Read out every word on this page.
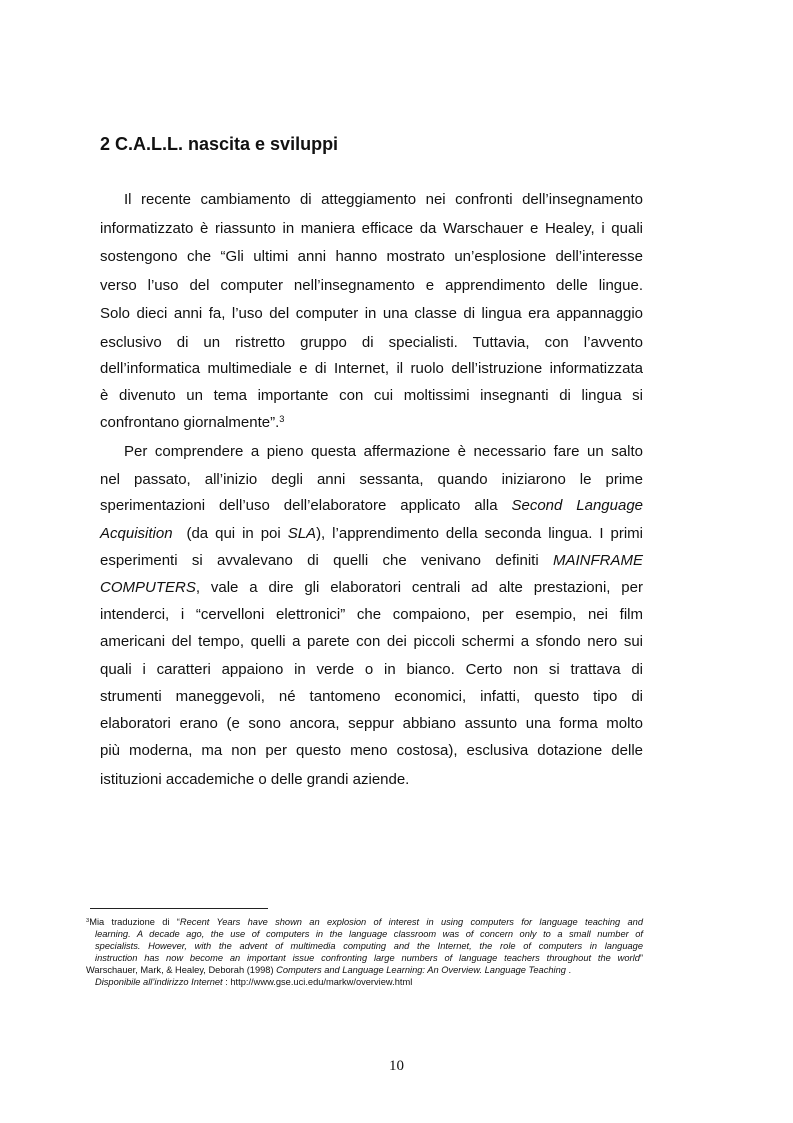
2 C.A.L.L. nascita e sviluppi
Il recente cambiamento di atteggiamento nei confronti dell’insegnamento
informatizzato è riassunto in maniera efficace da Warschauer e Healey, i quali
sostengono che “Gli ultimi anni hanno mostrato un’esplosione dell’interesse
verso l’uso del computer nell’insegnamento e apprendimento delle lingue.
Solo dieci anni fa, l’uso del computer in una classe di lingua era appannaggio
esclusivo di un ristretto gruppo di specialisti. Tuttavia, con l’avvento
dell’informatica multimediale e di Internet, il ruolo dell’istruzione informatizzata
è divenuto un tema importante con cui moltissimi insegnanti di lingua si
confrontano giornalmente”.$^3$
Per comprendere a pieno questa affermazione è necessario fare un salto
nel passato, all’inizio degli anni sessanta, quando iniziarono le prime
sperimentazioni dell’uso dell’elaboratore applicato alla Second Language
Acquisition  (da qui in poi SLA), l’apprendimento della seconda lingua. I primi
esperimenti si avvalevano di quelli che venivano definiti MAINFRAME
COMPUTERS, vale a dire gli elaboratori centrali ad alte prestazioni, per
intenderci, i “cervelloni elettronici” che compaiono, per esempio, nei film
americani del tempo, quelli a parete con dei piccoli schermi a sfondo nero sui
quali i caratteri appaiono in verde o in bianco. Certo non si trattava di
strumenti maneggevoli, né tantomeno economici, infatti, questo tipo di
elaboratori erano (e sono ancora, seppur abbiano assunto una forma molto
più moderna, ma non per questo meno costosa), esclusiva dotazione delle
istituzioni accademiche o delle grandi aziende.
$^3$Mia traduzione di “Recent Years have shown an explosion of interest in using computers for language teaching and
learning. A decade ago, the use of computers in the language classroom was of concern only to a small number of
specialists. However, with the advent of multimedia computing and the Internet, the role of computers in language
instruction has now become an important issue confronting large numbers of language teachers throughout the world”
Warschauer, Mark, & Healey, Deborah (1998) Computers and Language Learning: An Overview. Language Teaching .
Disponibile all’indirizzo Internet : http://www.gse.uci.edu/markw/overview.html
10
